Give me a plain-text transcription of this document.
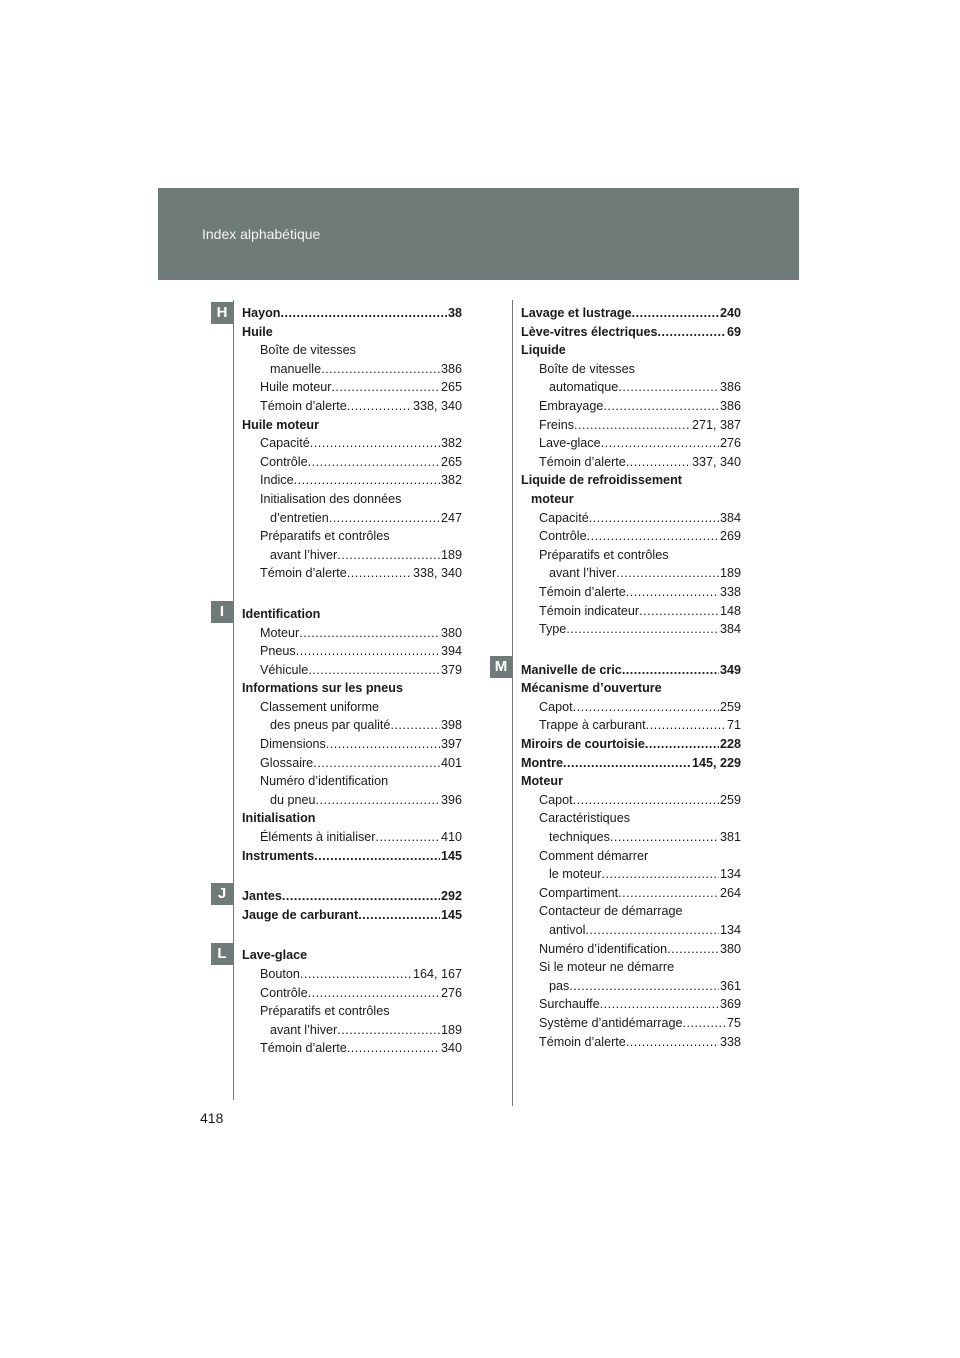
Index alphabétique
Hayon .....	38
Huile
Boîte de vitesses
manuelle .....	386
Huile moteur .....	265
Témoin d’alerte .....	338, 340
Huile moteur
Capacité .....	382
Contrôle .....	265
Indice .....	382
Initialisation des données
d’entretien .....	247
Préparatifs et contrôles
avant l’hiver .....	189
Témoin d’alerte .....	338, 340
Identification
Moteur .....	380
Pneus .....	394
Véhicule .....	379
Informations sur les pneus
Classement uniforme
des pneus par qualité .....	398
Dimensions .....	397
Glossaire .....	401
Numéro d’identification
du pneu .....	396
Initialisation
Éléments à initialiser .....	410
Instruments .....	145
Jantes .....	292
Jauge de carburant .....	145
Lave-glace
Bouton .....	164, 167
Contrôle .....	276
Préparatifs et contrôles
avant l’hiver .....	189
Témoin d’alerte .....	340
Lavage et lustrage .....	240
Lève-vitres électriques .....	69
Liquide
Boîte de vitesses
automatique .....	386
Embrayage .....	386
Freins .....	271, 387
Lave-glace .....	276
Témoin d’alerte .....	337, 340
Liquide de refroidissement
moteur
Capacité .....	384
Contrôle .....	269
Préparatifs et contrôles
avant l’hiver .....	189
Témoin d’alerte .....	338
Témoin indicateur .....	148
Type .....	384
Manivelle de cric .....	349
Mécanisme d’ouverture
Capot .....	259
Trappe à carburant .....	71
Miroirs de courtoisie .....	228
Montre .....	145, 229
Moteur
Capot .....	259
Caractéristiques
techniques .....	381
Comment démarrer
le moteur .....	134
Compartiment .....	264
Contacteur de démarrage
antivol .....	134
Numéro d’identification .....	380
Si le moteur ne démarre
pas .....	361
Surchauffe .....	369
Système d’antidémarrage .....	75
Témoin d’alerte .....	338
H
I
J
L
M
418
